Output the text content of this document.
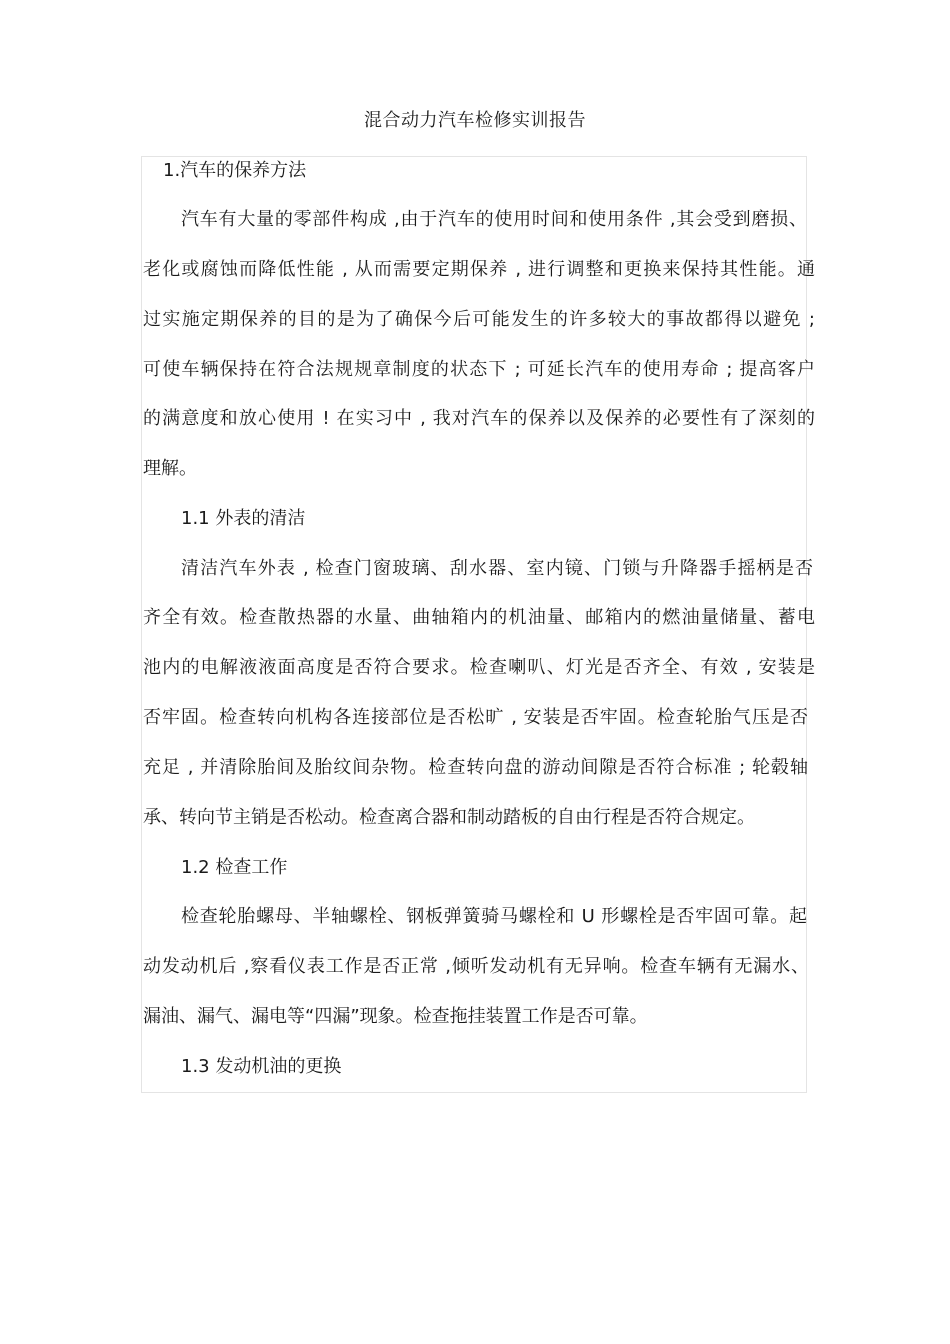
混合动力汽车检修实训报告
1.汽车的保养方法
汽车有大量的零部件构成 ,由于汽车的使用时间和使用条件 ,其会受到磨损、
老化或腐蚀而降低性能 , 从而需要定期保养 , 进行调整和更换来保持其性能。通
过实施定期保养的目的是为了确保今后可能发生的许多较大的事故都得以避免 ;
可使车辆保持在符合法规规章制度的状态下 ; 可延长汽车的使用寿命 ; 提高客户
的满意度和放心使用 ! 在实习中 , 我对汽车的保养以及保养的必要性有了深刻的
理解。
1.1 外表的清洁
清洁汽车外表 , 检查门窗玻璃、刮水器、室内镜、门锁与升降器手摇柄是否
齐全有效。检查散热器的水量、曲轴箱内的机油量、邮箱内的燃油量储量、蓄电
池内的电解液液面高度是否符合要求。检查喇叭、灯光是否齐全、有效 , 安装是
否牢固。检查转向机构各连接部位是否松旷 , 安装是否牢固。检查轮胎气压是否
充足 , 并清除胎间及胎纹间杂物。检查转向盘的游动间隙是否符合标准 ; 轮毂轴
承、转向节主销是否松动。检查离合器和制动踏板的自由行程是否符合规定。
1.2 检查工作
检查轮胎螺母、半轴螺栓、钢板弹簧骑马螺栓和 U 形螺栓是否牢固可靠。起
动发动机后 ,察看仪表工作是否正常 ,倾听发动机有无异响。检查车辆有无漏水、
漏油、漏气、漏电等“四漏”现象。检查拖挂装置工作是否可靠。
1.3 发动机油的更换
